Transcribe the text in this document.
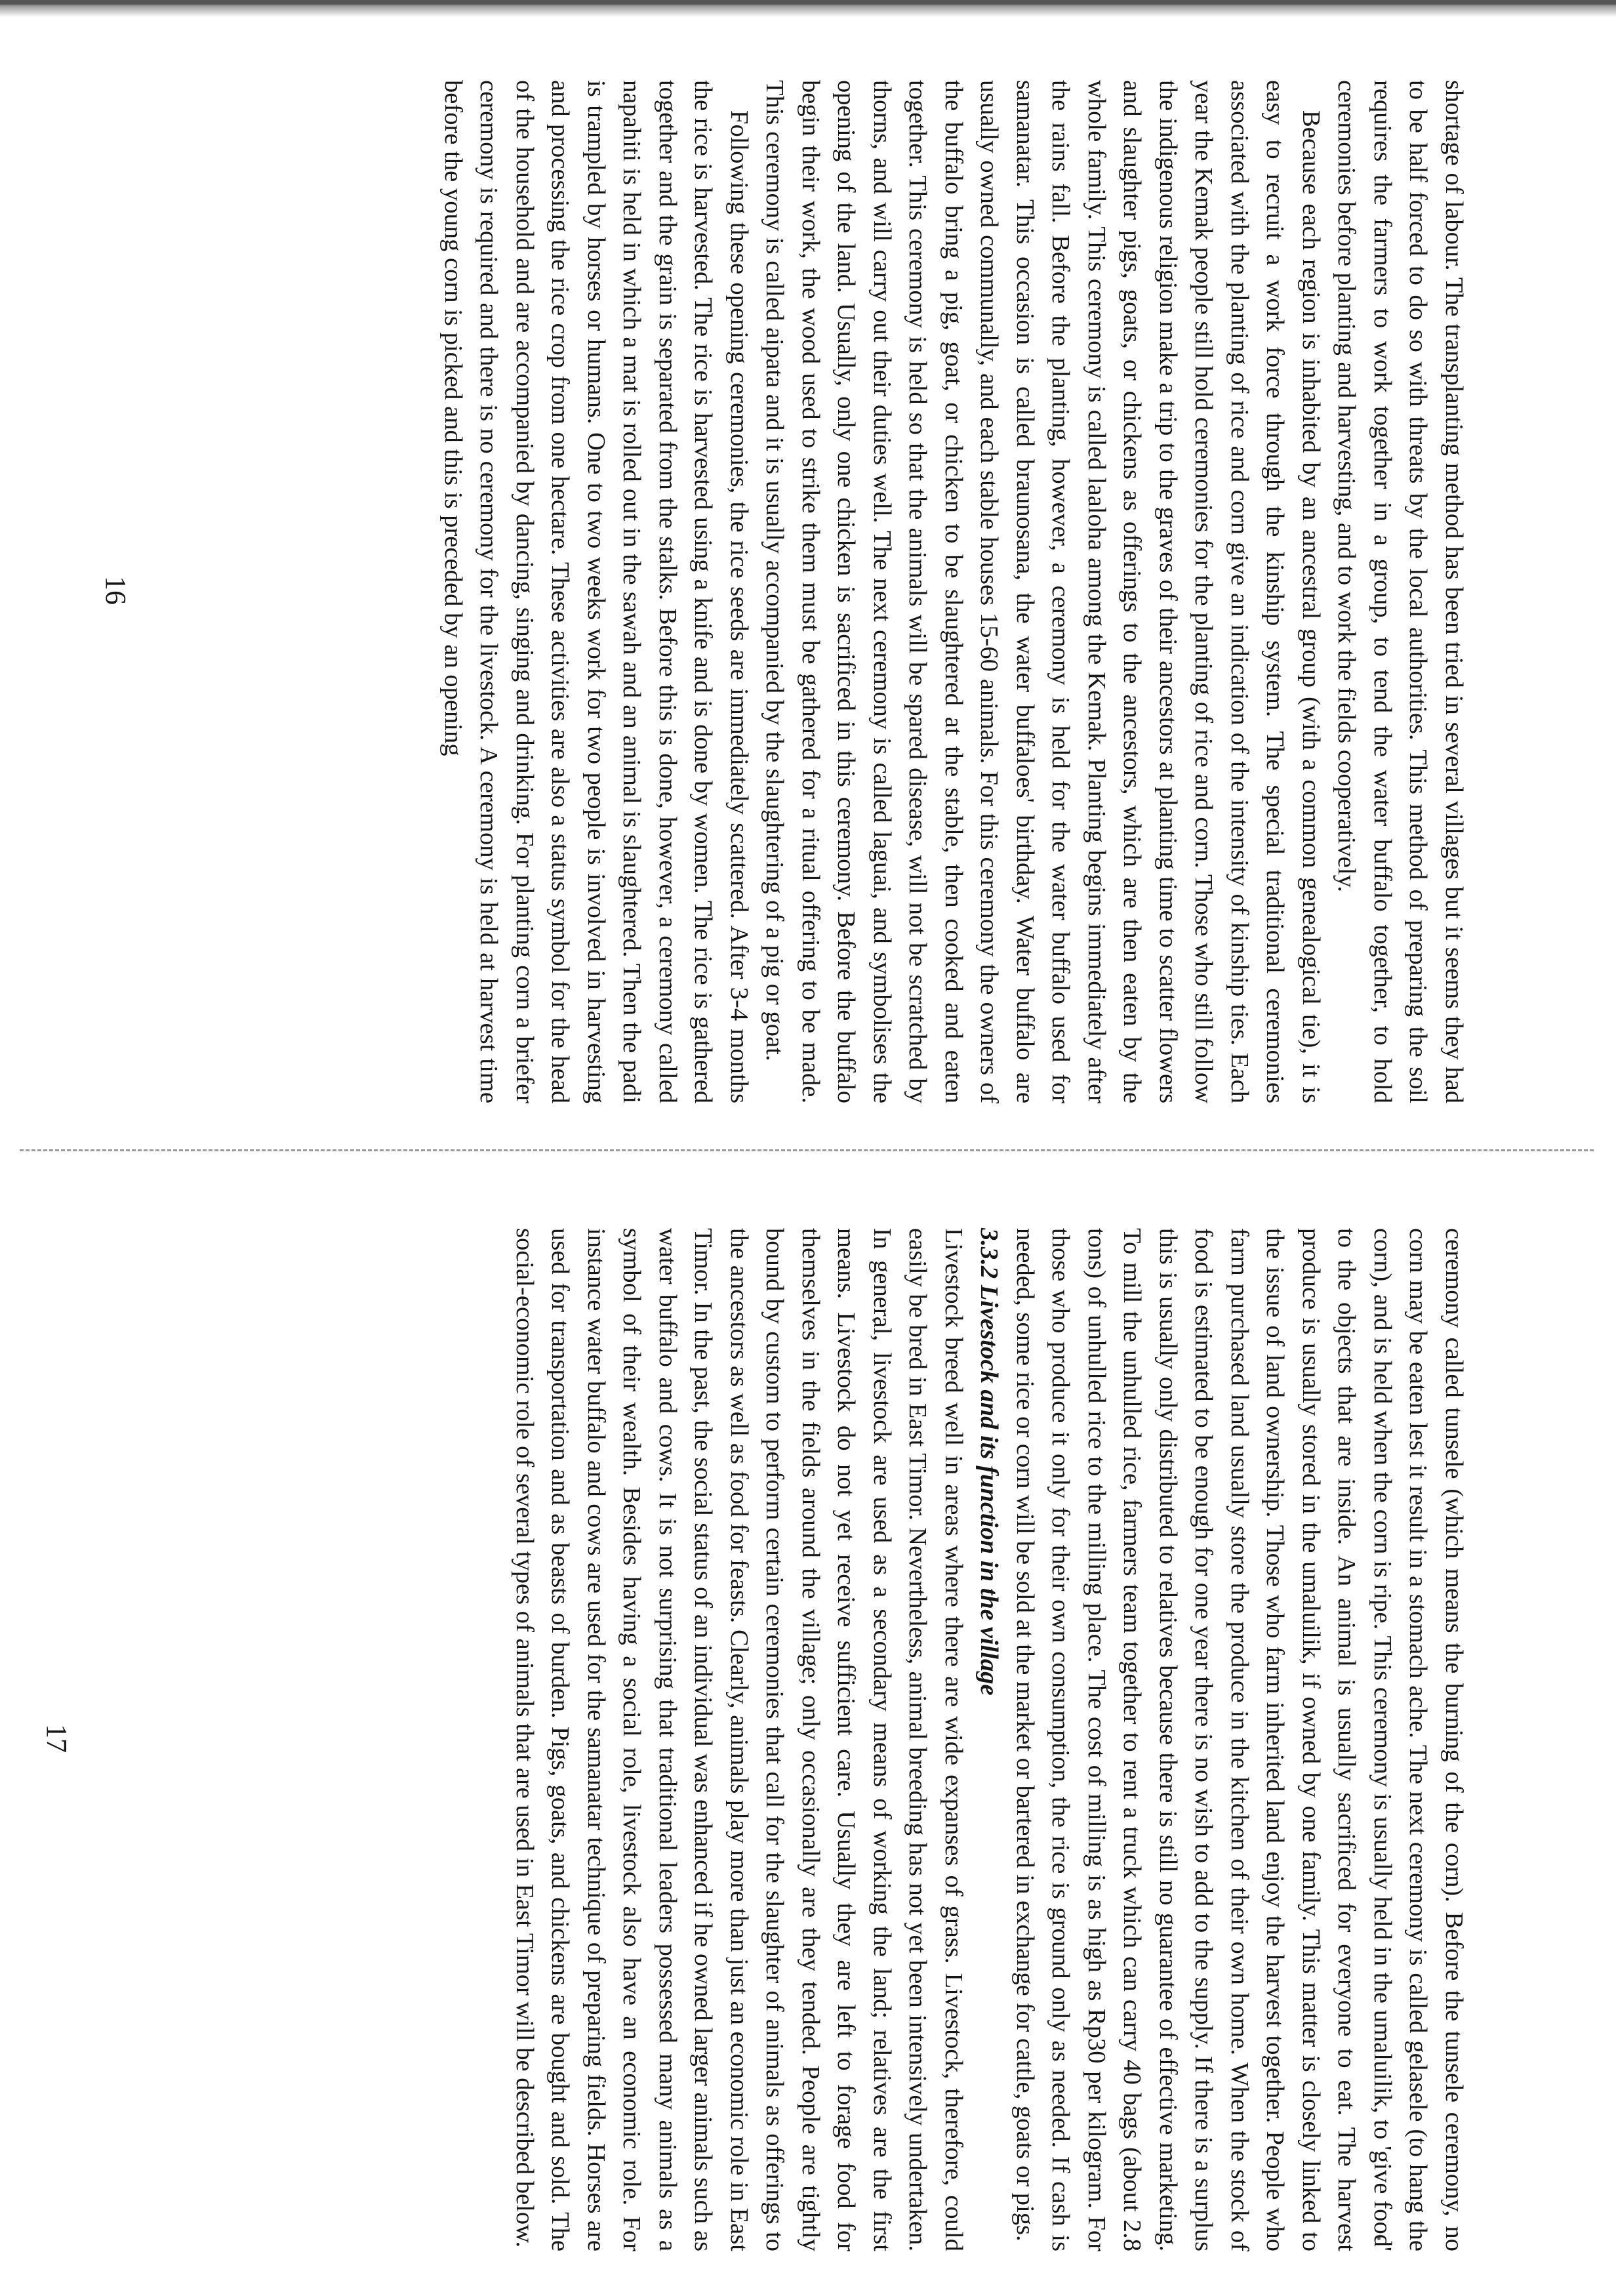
shortage of labour. The transplanting method has been tried in several villages but it seems they had to be half forced to do so with threats by the local authorities. This method of preparing the soil requires the farmers to work together in a group, to tend the water buffalo together, to hold ceremonies before planting and harvesting, and to work the fields cooperatively.

Because each region is inhabited by an ancestral group (with a common genealogical tie), it is easy to recruit a work force through the kinship system. The special traditional ceremonies associated with the planting of rice and corn give an indication of the intensity of kinship ties. Each year the Kemak people still hold ceremonies for the planting of rice and corn. Those who still follow the indigenous religion make a trip to the graves of their ancestors at planting time to scatter flowers and slaughter pigs, goats, or chickens as offerings to the ancestors, which are then eaten by the whole family. This ceremony is called laaloha among the Kemak. Planting begins immediately after the rains fall. Before the planting, however, a ceremony is held for the water buffalo used for samanatar. This occasion is called braunosana, the water buffaloes' birthday. Water buffalo are usually owned communally, and each stable houses 15-60 animals. For this ceremony the owners of the buffalo bring a pig, goat, or chicken to be slaughtered at the stable, then cooked and eaten together. This ceremony is held so that the animals will be spared disease, will not be scratched by thorns, and will carry out their duties well. The next ceremony is called laguai, and symbolises the opening of the land. Usually, only one chicken is sacrificed in this ceremony. Before the buffalo begin their work, the wood used to strike them must be gathered for a ritual offering to be made. This ceremony is called aipata and it is usually accompanied by the slaughtering of a pig or goat.

Following these opening ceremonies, the rice seeds are immediately scattered. After 3-4 months the rice is harvested. The rice is harvested using a knife and is done by women. The rice is gathered together and the grain is separated from the stalks. Before this is done, however, a ceremony called napahiti is held in which a mat is rolled out in the sawah and an animal is slaughtered. Then the padi is trampled by horses or humans. One to two weeks work for two people is involved in harvesting and processing the rice crop from one hectare. These activities are also a status symbol for the head of the household and are accompanied by dancing, singing and drinking. For planting corn a briefer ceremony is required and there is no ceremony for the livestock. A ceremony is held at harvest time before the young corn is picked and this is preceded by an opening

16

ceremony called tunsele (which means the burning of the corn). Before the tunsele ceremony, no corn may be eaten lest it result in a stomach ache. The next ceremony is called gelasele (to hang the corn), and is held when the corn is ripe. This ceremony is usually held in the umaluilik, to 'give food' to the objects that are inside. An animal is usually sacrificed for everyone to eat. The harvest produce is usually stored in the umaluilik, if owned by one family. This matter is closely linked to the issue of land ownership. Those who farm inherited land enjoy the harvest together. People who farm purchased land usually store the produce in the kitchen of their own home. When the stock of food is estimated to be enough for one year there is no wish to add to the supply. If there is a surplus this is usually only distributed to relatives because there is still no guarantee of effective marketing. To mill the unhulled rice, farmers team together to rent a truck which can carry 40 bags (about 2.8 tons) of unhulled rice to the milling place. The cost of milling is as high as Rp30 per kilogram. For those who produce it only for their own consumption, the rice is ground only as needed. If cash is needed, some rice or corn will be sold at the market or bartered in exchange for cattle, goats or pigs.

3.3.2 Livestock and its function in the village

Livestock breed well in areas where there are wide expanses of grass. Livestock, therefore, could easily be bred in East Timor. Nevertheless, animal breeding has not yet been intensively undertaken. In general, livestock are used as a secondary means of working the land; relatives are the first means. Livestock do not yet receive sufficient care. Usually they are left to forage food for themselves in the fields around the village; only occasionally are they tended. People are tightly bound by custom to perform certain ceremonies that call for the slaughter of animals as offerings to the ancestors as well as food for feasts. Clearly, animals play more than just an economic role in East Timor. In the past, the social status of an individual was enhanced if he owned larger animals such as water buffalo and cows. It is not surprising that traditional leaders possessed many animals as a symbol of their wealth. Besides having a social role, livestock also have an economic role. For instance water buffalo and cows are used for the samanatar technique of preparing fields. Horses are used for transportation and as beasts of burden. Pigs, goats, and chickens are bought and sold. The social-economic role of several types of animals that are used in East Timor will be described below.

17
